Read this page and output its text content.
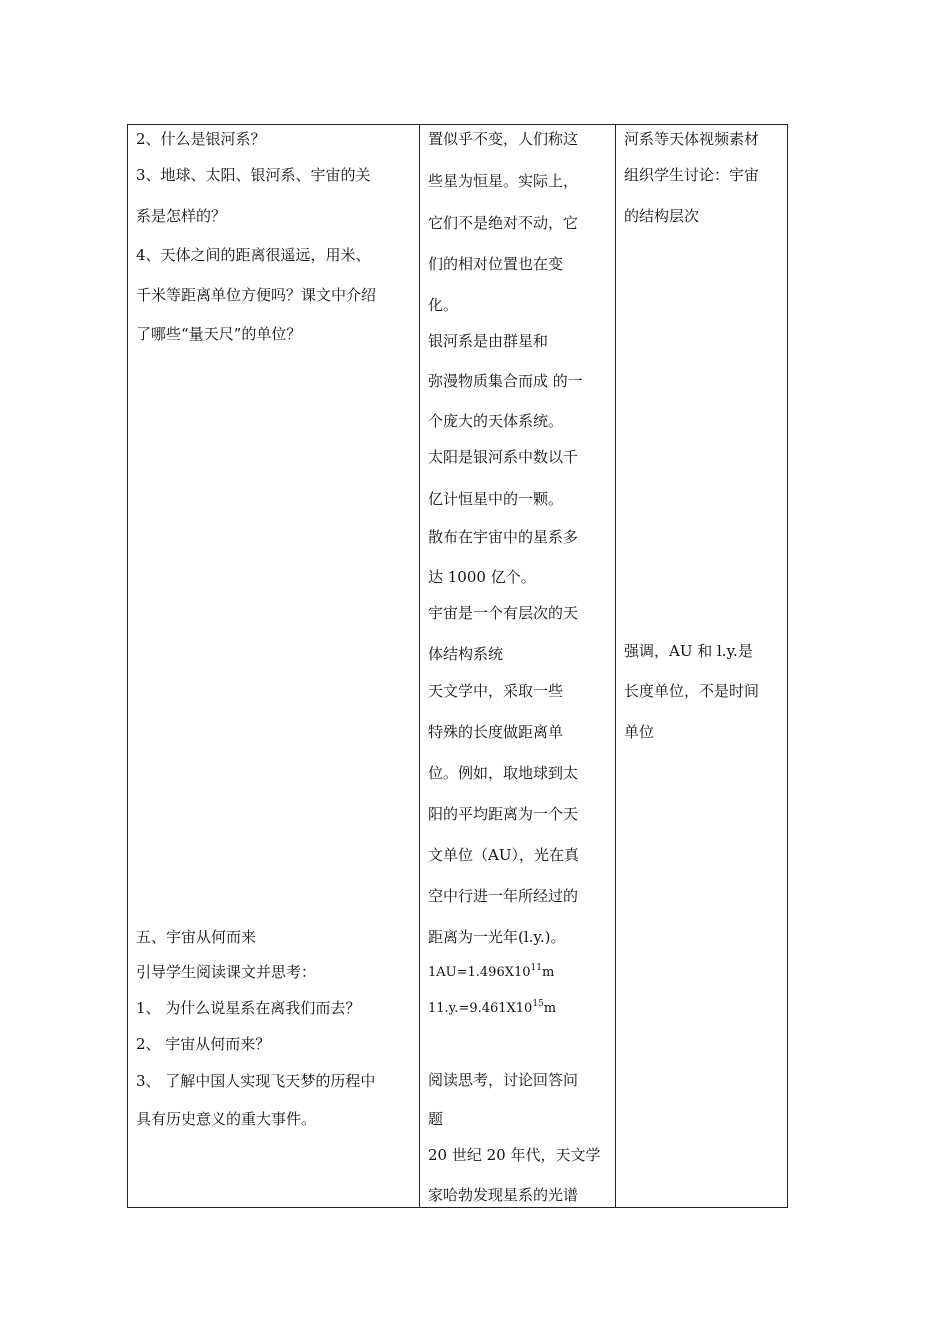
2、什么是银河系？
3、地球、太阳、银河系、宇宙的关
系是怎样的？
4、天体之间的距离很遥远，用米、
千米等距离单位方便吗？课文中介绍
了哪些“量天尺”的单位？
五、宇宙从何而来
引导学生阅读课文并思考：
1、 为什么说星系在离我们而去？
2、 宇宙从何而来？
3、 了解中国人实现飞天梦的历程中
具有历史意义的重大事件。
置似乎不变，人们称这
些星为恒星。实际上，
它们不是绝对不动，它
们的相对位置也在变
化。
银河系是由群星和
弥漫物质集合而成 的一
个庞大的天体系统。
太阳是银河系中数以千
亿计恒星中的一颗。
散布在宇宙中的星系多
达 1000 亿个。
宇宙是一个有层次的天
体结构系统
天文学中，采取一些
特殊的长度做距离单
位。例如，取地球到太
阳的平均距离为一个天
文单位（AU），光在真
空中行进一年所经过的
距离为一光年(l.y.)。
$1AU=1.496X10^{11}m$
$11.y.=9.461X10^{15}m$
阅读思考，讨论回答问
题
20 世纪 20 年代，天文学
家哈勃发现星系的光谱
河系等天体视频素材
组织学生讨论：宇宙
的结构层次
强调，AU 和 l.y.是
长度单位，不是时间
单位
